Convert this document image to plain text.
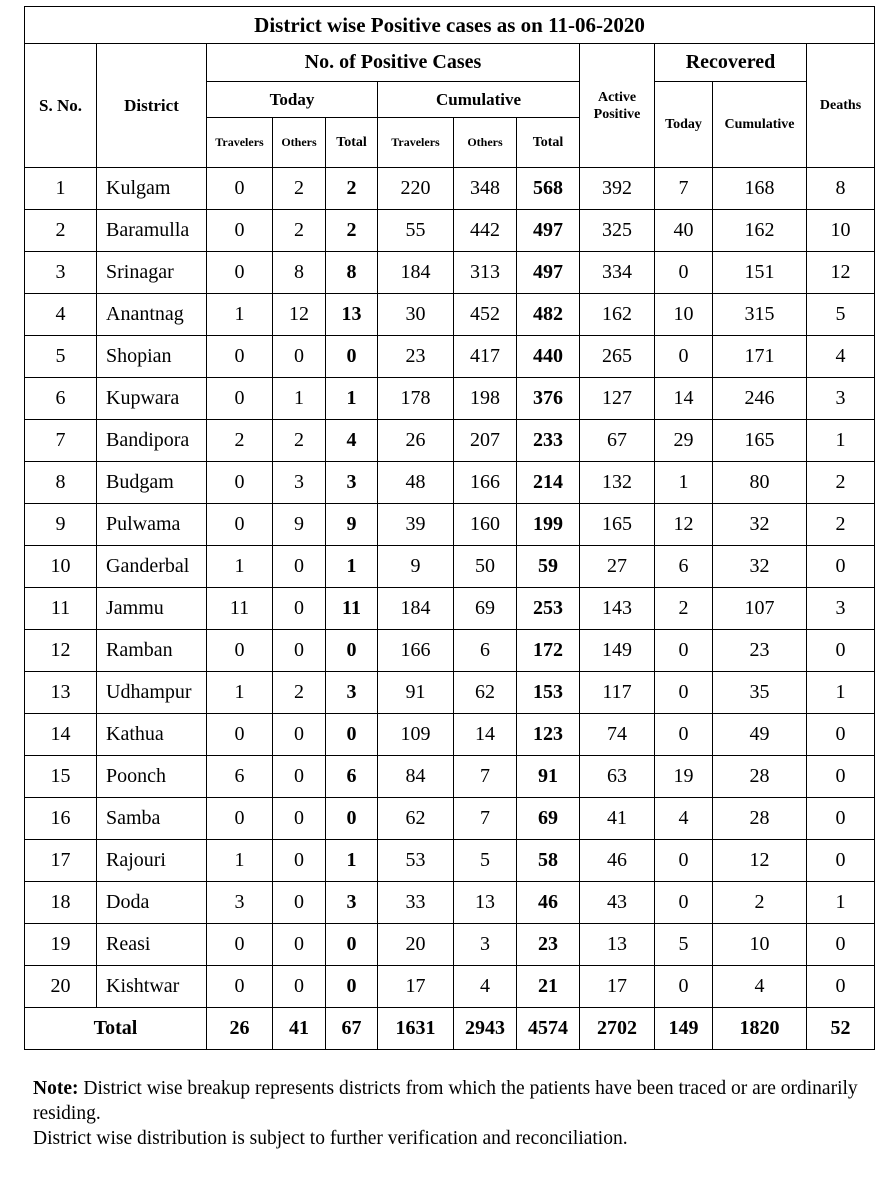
District wise Positive cases as on 11-06-2020											
S. No.	District	No. of Positive Cases						Active Positive	Recovered		Deaths
		Today			Cumulative				Today	Cumulative	
		Travelers	Others	Total	Travelers	Others	Total				
1	Kulgam	0	2	2	220	348	568	392	7	168	8
2	Baramulla	0	2	2	55	442	497	325	40	162	10
3	Srinagar	0	8	8	184	313	497	334	0	151	12
4	Anantnag	1	12	13	30	452	482	162	10	315	5
5	Shopian	0	0	0	23	417	440	265	0	171	4
6	Kupwara	0	1	1	178	198	376	127	14	246	3
7	Bandipora	2	2	4	26	207	233	67	29	165	1
8	Budgam	0	3	3	48	166	214	132	1	80	2
9	Pulwama	0	9	9	39	160	199	165	12	32	2
10	Ganderbal	1	0	1	9	50	59	27	6	32	0
11	Jammu	11	0	11	184	69	253	143	2	107	3
12	Ramban	0	0	0	166	6	172	149	0	23	0
13	Udhampur	1	2	3	91	62	153	117	0	35	1
14	Kathua	0	0	0	109	14	123	74	0	49	0
15	Poonch	6	0	6	84	7	91	63	19	28	0
16	Samba	0	0	0	62	7	69	41	4	28	0
17	Rajouri	1	0	1	53	5	58	46	0	12	0
18	Doda	3	0	3	33	13	46	43	0	2	1
19	Reasi	0	0	0	20	3	23	13	5	10	0
20	Kishtwar	0	0	0	17	4	21	17	0	4	0
Total		26	41	67	1631	2943	4574	2702	149	1820	52
Note: District wise breakup represents districts from which the patients have been traced or are ordinarily residing.
District wise distribution is subject to further verification and reconciliation.
